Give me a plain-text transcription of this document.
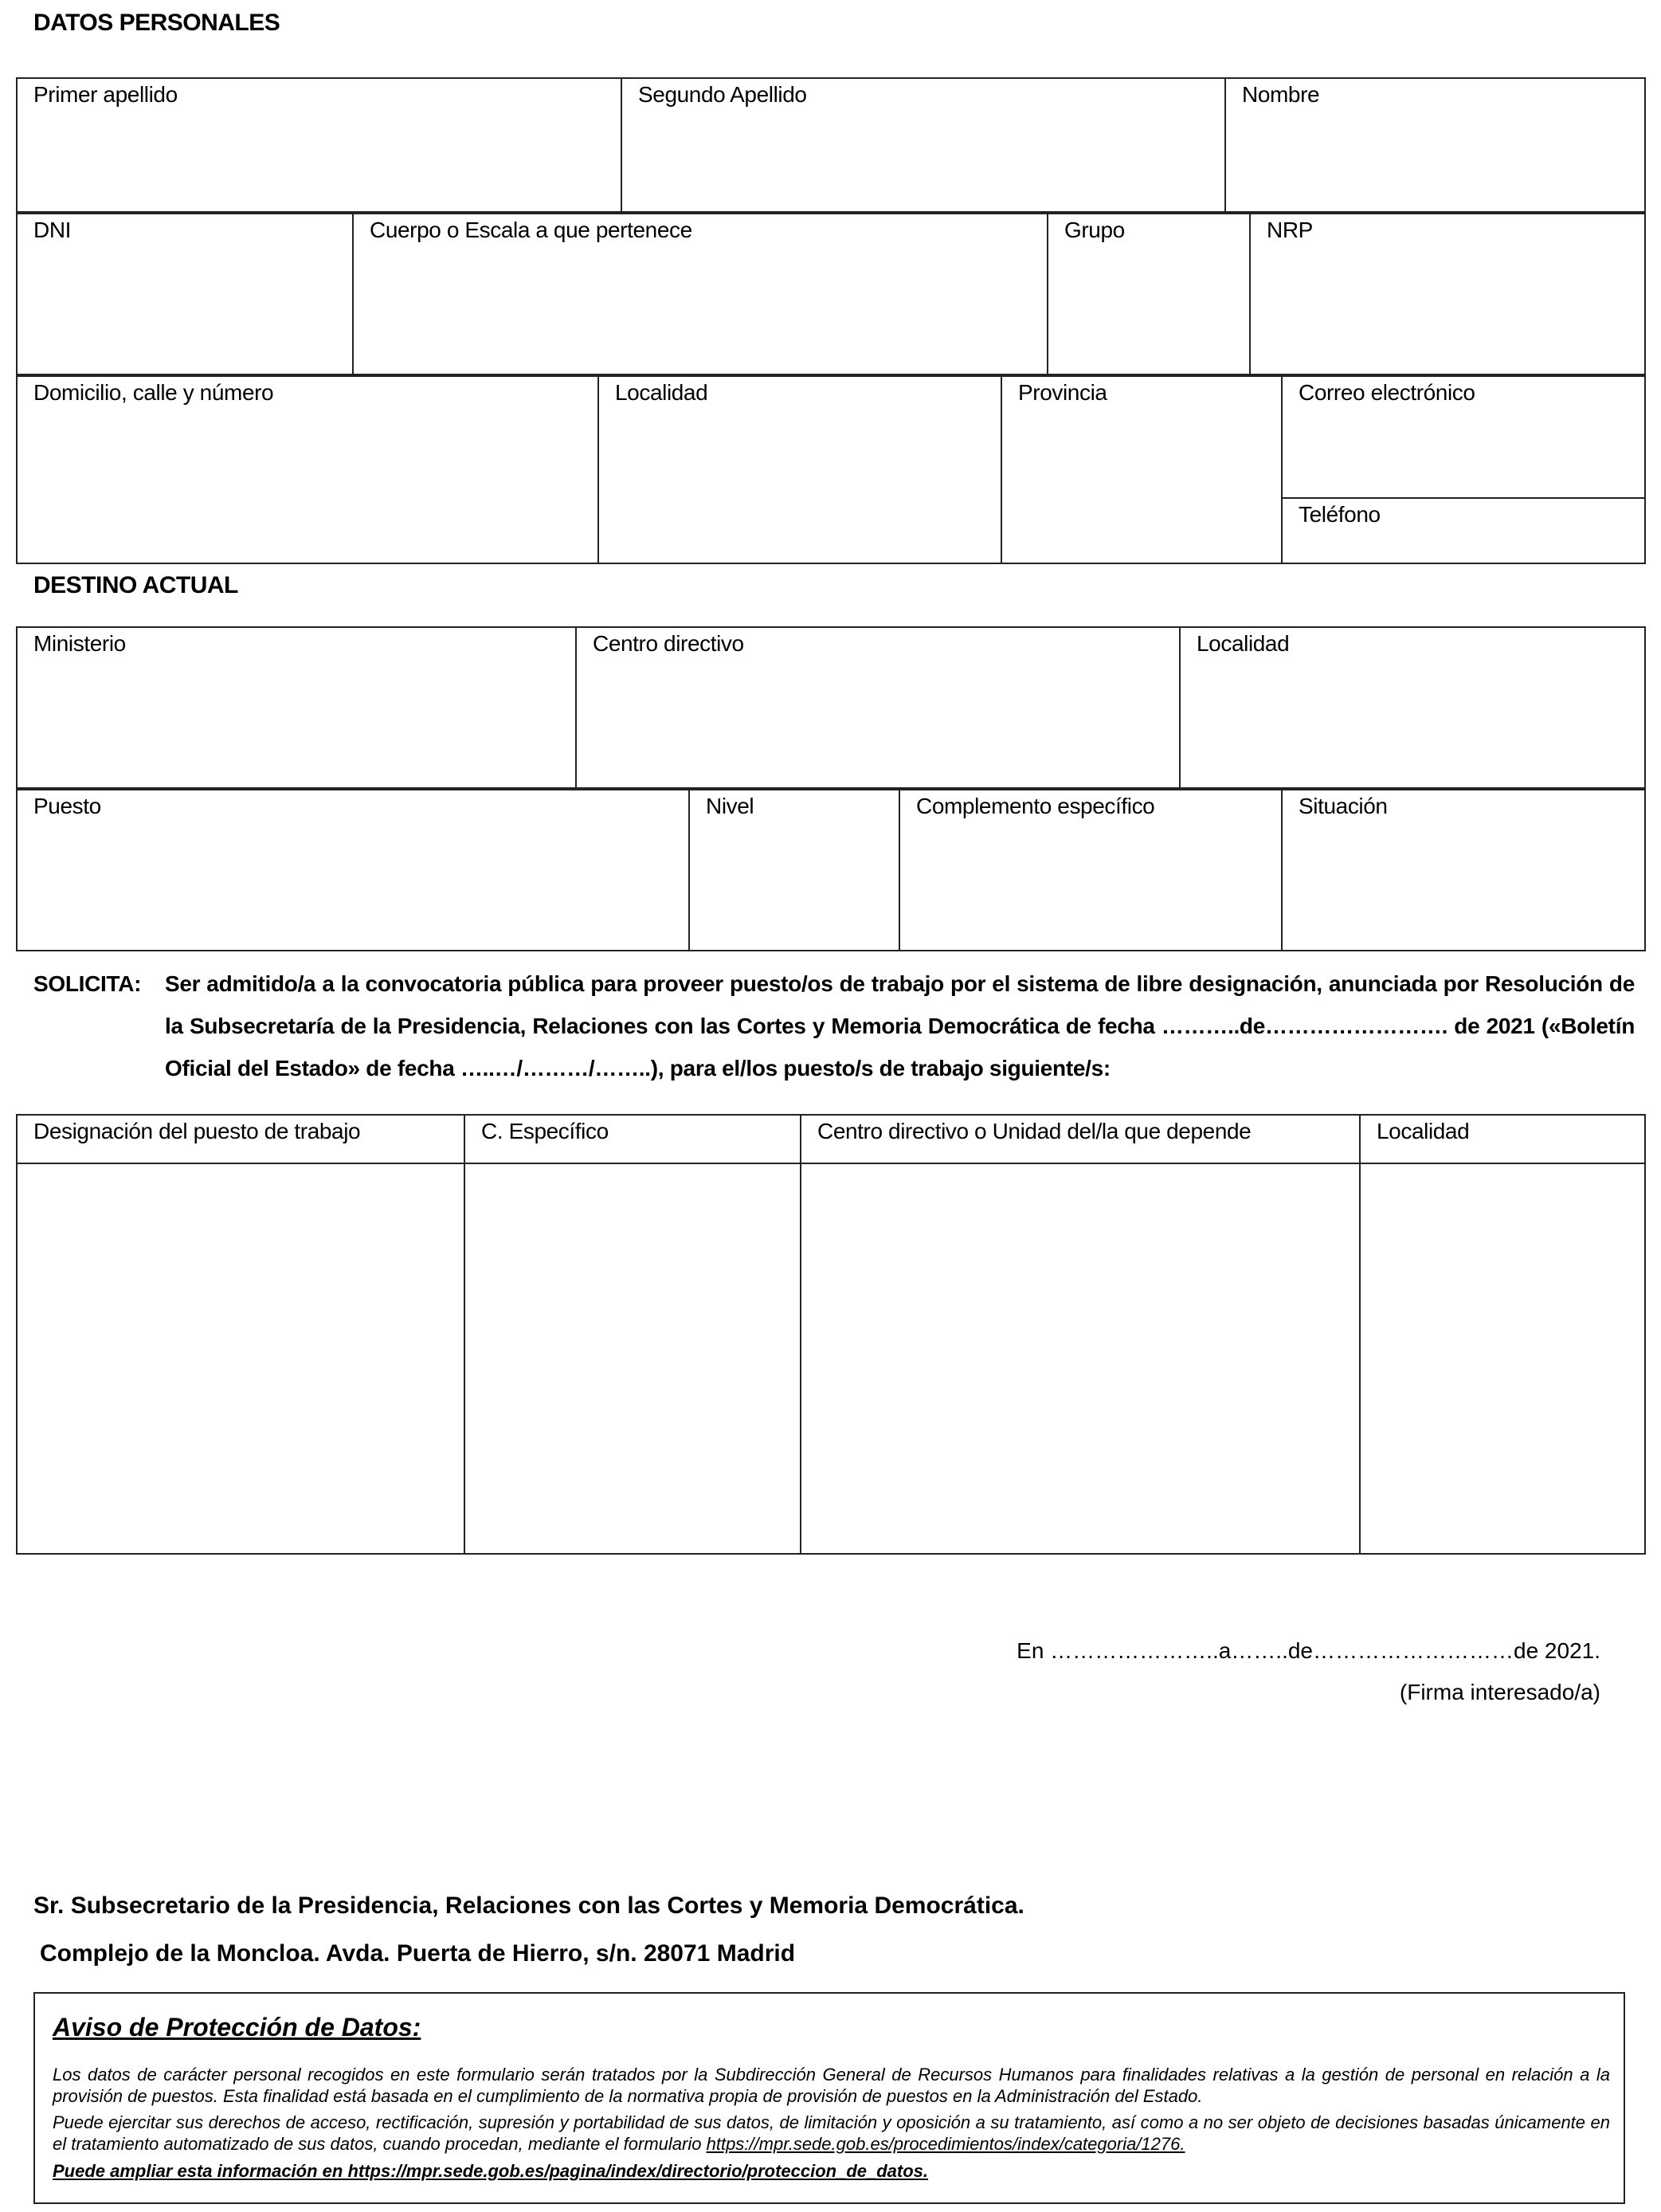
DATOS PERSONALES
Primer apellido	Segundo Apellido	Nombre
DNI	Cuerpo o Escala a que pertenece	Grupo	NRP
Domicilio, calle y número	Localidad	Provincia	Correo electrónico

Teléfono
DESTINO ACTUAL
Ministerio	Centro directivo	Localidad
Puesto	Nivel	Complemento específico	Situación
SOLICITA: Ser admitido/a a la convocatoria pública para proveer puesto/os de trabajo por el sistema de libre designación, anunciada por Resolución de la Subsecretaría de la Presidencia, Relaciones con las Cortes y Memoria Democrática de fecha ………..de……………………. de 2021 («Boletín Oficial del Estado» de fecha …..…/………/……..), para el/los puesto/s de trabajo siguiente/s:
Designación del puesto de trabajo	C. Específico	Centro directivo o Unidad del/la que depende	Localidad

En …………………..a……..de………………………de 2021.
(Firma interesado/a)
Sr. Subsecretario de la Presidencia, Relaciones con las Cortes y Memoria Democrática.
Complejo de la Moncloa. Avda. Puerta de Hierro, s/n. 28071 Madrid
Aviso de Protección de Datos:
Los datos de carácter personal recogidos en este formulario serán tratados por la Subdirección General de Recursos Humanos para finalidades relativas a la gestión de personal en relación a la provisión de puestos. Esta finalidad está basada en el cumplimiento de la normativa propia de provisión de puestos en la Administración del Estado.
Puede ejercitar sus derechos de acceso, rectificación, supresión y portabilidad de sus datos, de limitación y oposición a su tratamiento, así como a no ser objeto de decisiones basadas únicamente en el tratamiento automatizado de sus datos, cuando procedan, mediante el formulario https://mpr.sede.gob.es/procedimientos/index/categoria/1276.
Puede ampliar esta información en https://mpr.sede.gob.es/pagina/index/directorio/proteccion_de_datos.
